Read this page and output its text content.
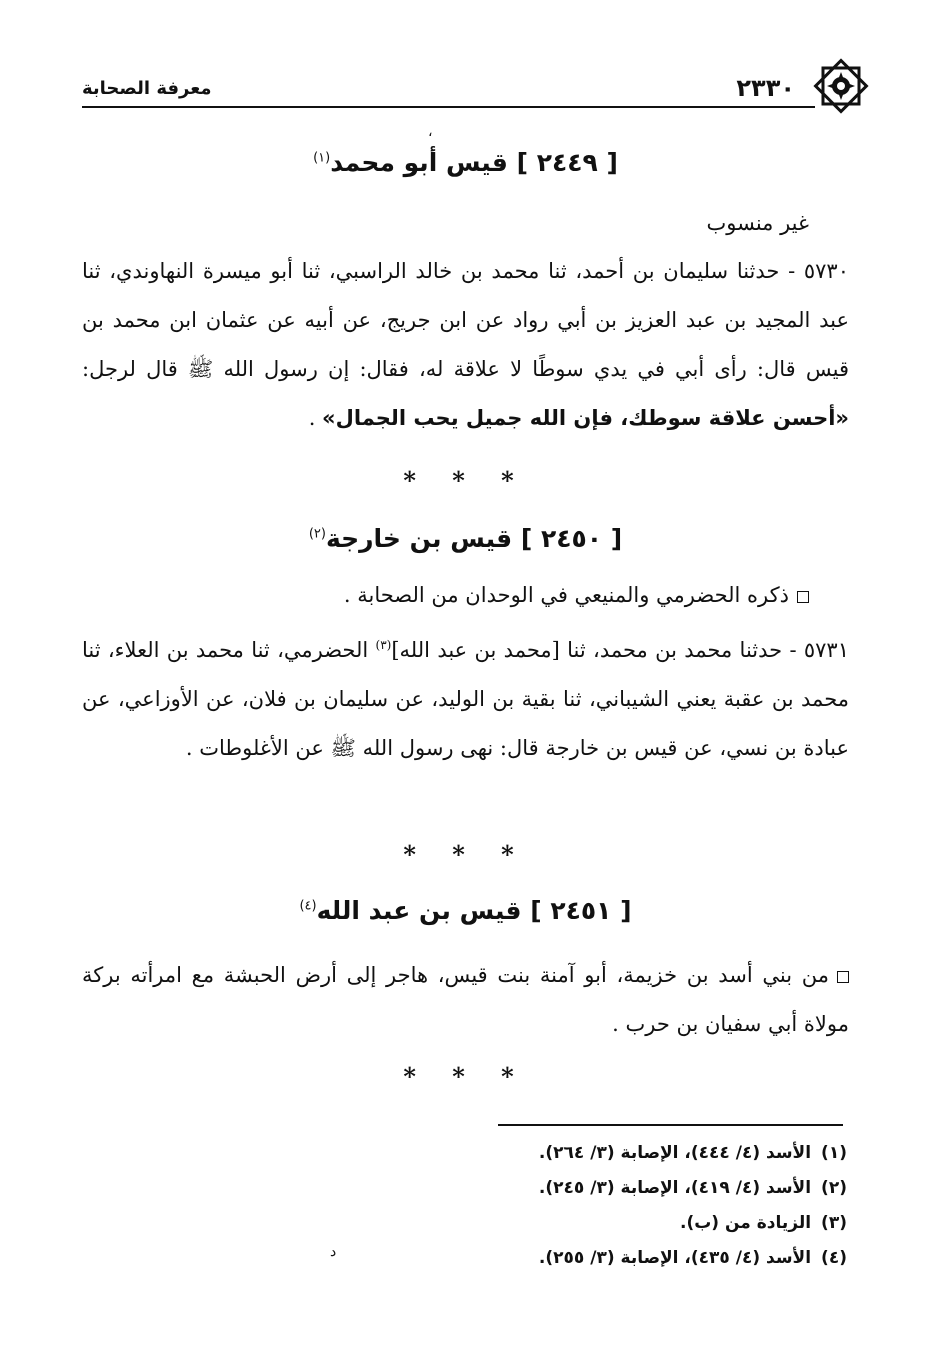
معرفة الصحابة	٢٣٣٠
،
[ ٢٤٤٩ ] قيس أبو محمد$^{(١)}$
غير منسوب
٥٧٣٠ - حدثنا سليمان بن أحمد، ثنا محمد بن خالد الراسبي، ثنا أبو ميسرة النهاوندي، ثنا عبد المجيد بن عبد العزيز بن أبي رواد عن ابن جريج، عن أبيه عن عثمان ابن محمد بن قيس قال: رأى أبي في يدي سوطًا لا علاقة له، فقال: إن رسول الله ﷺ قال لرجل: «أحسن علاقة سوطك، فإن الله جميل يحب الجمال» .
* * *
[ ٢٤٥٠ ] قيس بن خارجة$^{(٢)}$
ذكره الحضرمي والمنيعي في الوحدان من الصحابة .
٥٧٣١ - حدثنا محمد بن محمد، ثنا [محمد بن عبد الله]$^{(٣)}$ الحضرمي، ثنا محمد بن العلاء، ثنا محمد بن عقبة يعني الشيباني، ثنا بقية بن الوليد، عن سليمان بن فلان، عن الأوزاعي، عن عبادة بن نسي، عن قيس بن خارجة قال: نهى رسول الله ﷺ عن الأغلوطات .
* * *
[ ٢٤٥١ ] قيس بن عبد الله$^{(٤)}$
من بني أسد بن خزيمة، أبو آمنة بنت قيس، هاجر إلى أرض الحبشة مع امرأته بركة مولاة أبي سفيان بن حرب .
* * *
(١)الأسد (٤/ ٤٤٤)، الإصابة (٣/ ٢٦٤).
(٢)الأسد (٤/ ٤١٩)، الإصابة (٣/ ٢٤٥).
(٣)الزيادة من (ب).
(٤)الأسد (٤/ ٤٣٥)، الإصابة (٣/ ٢٥٥).
د
